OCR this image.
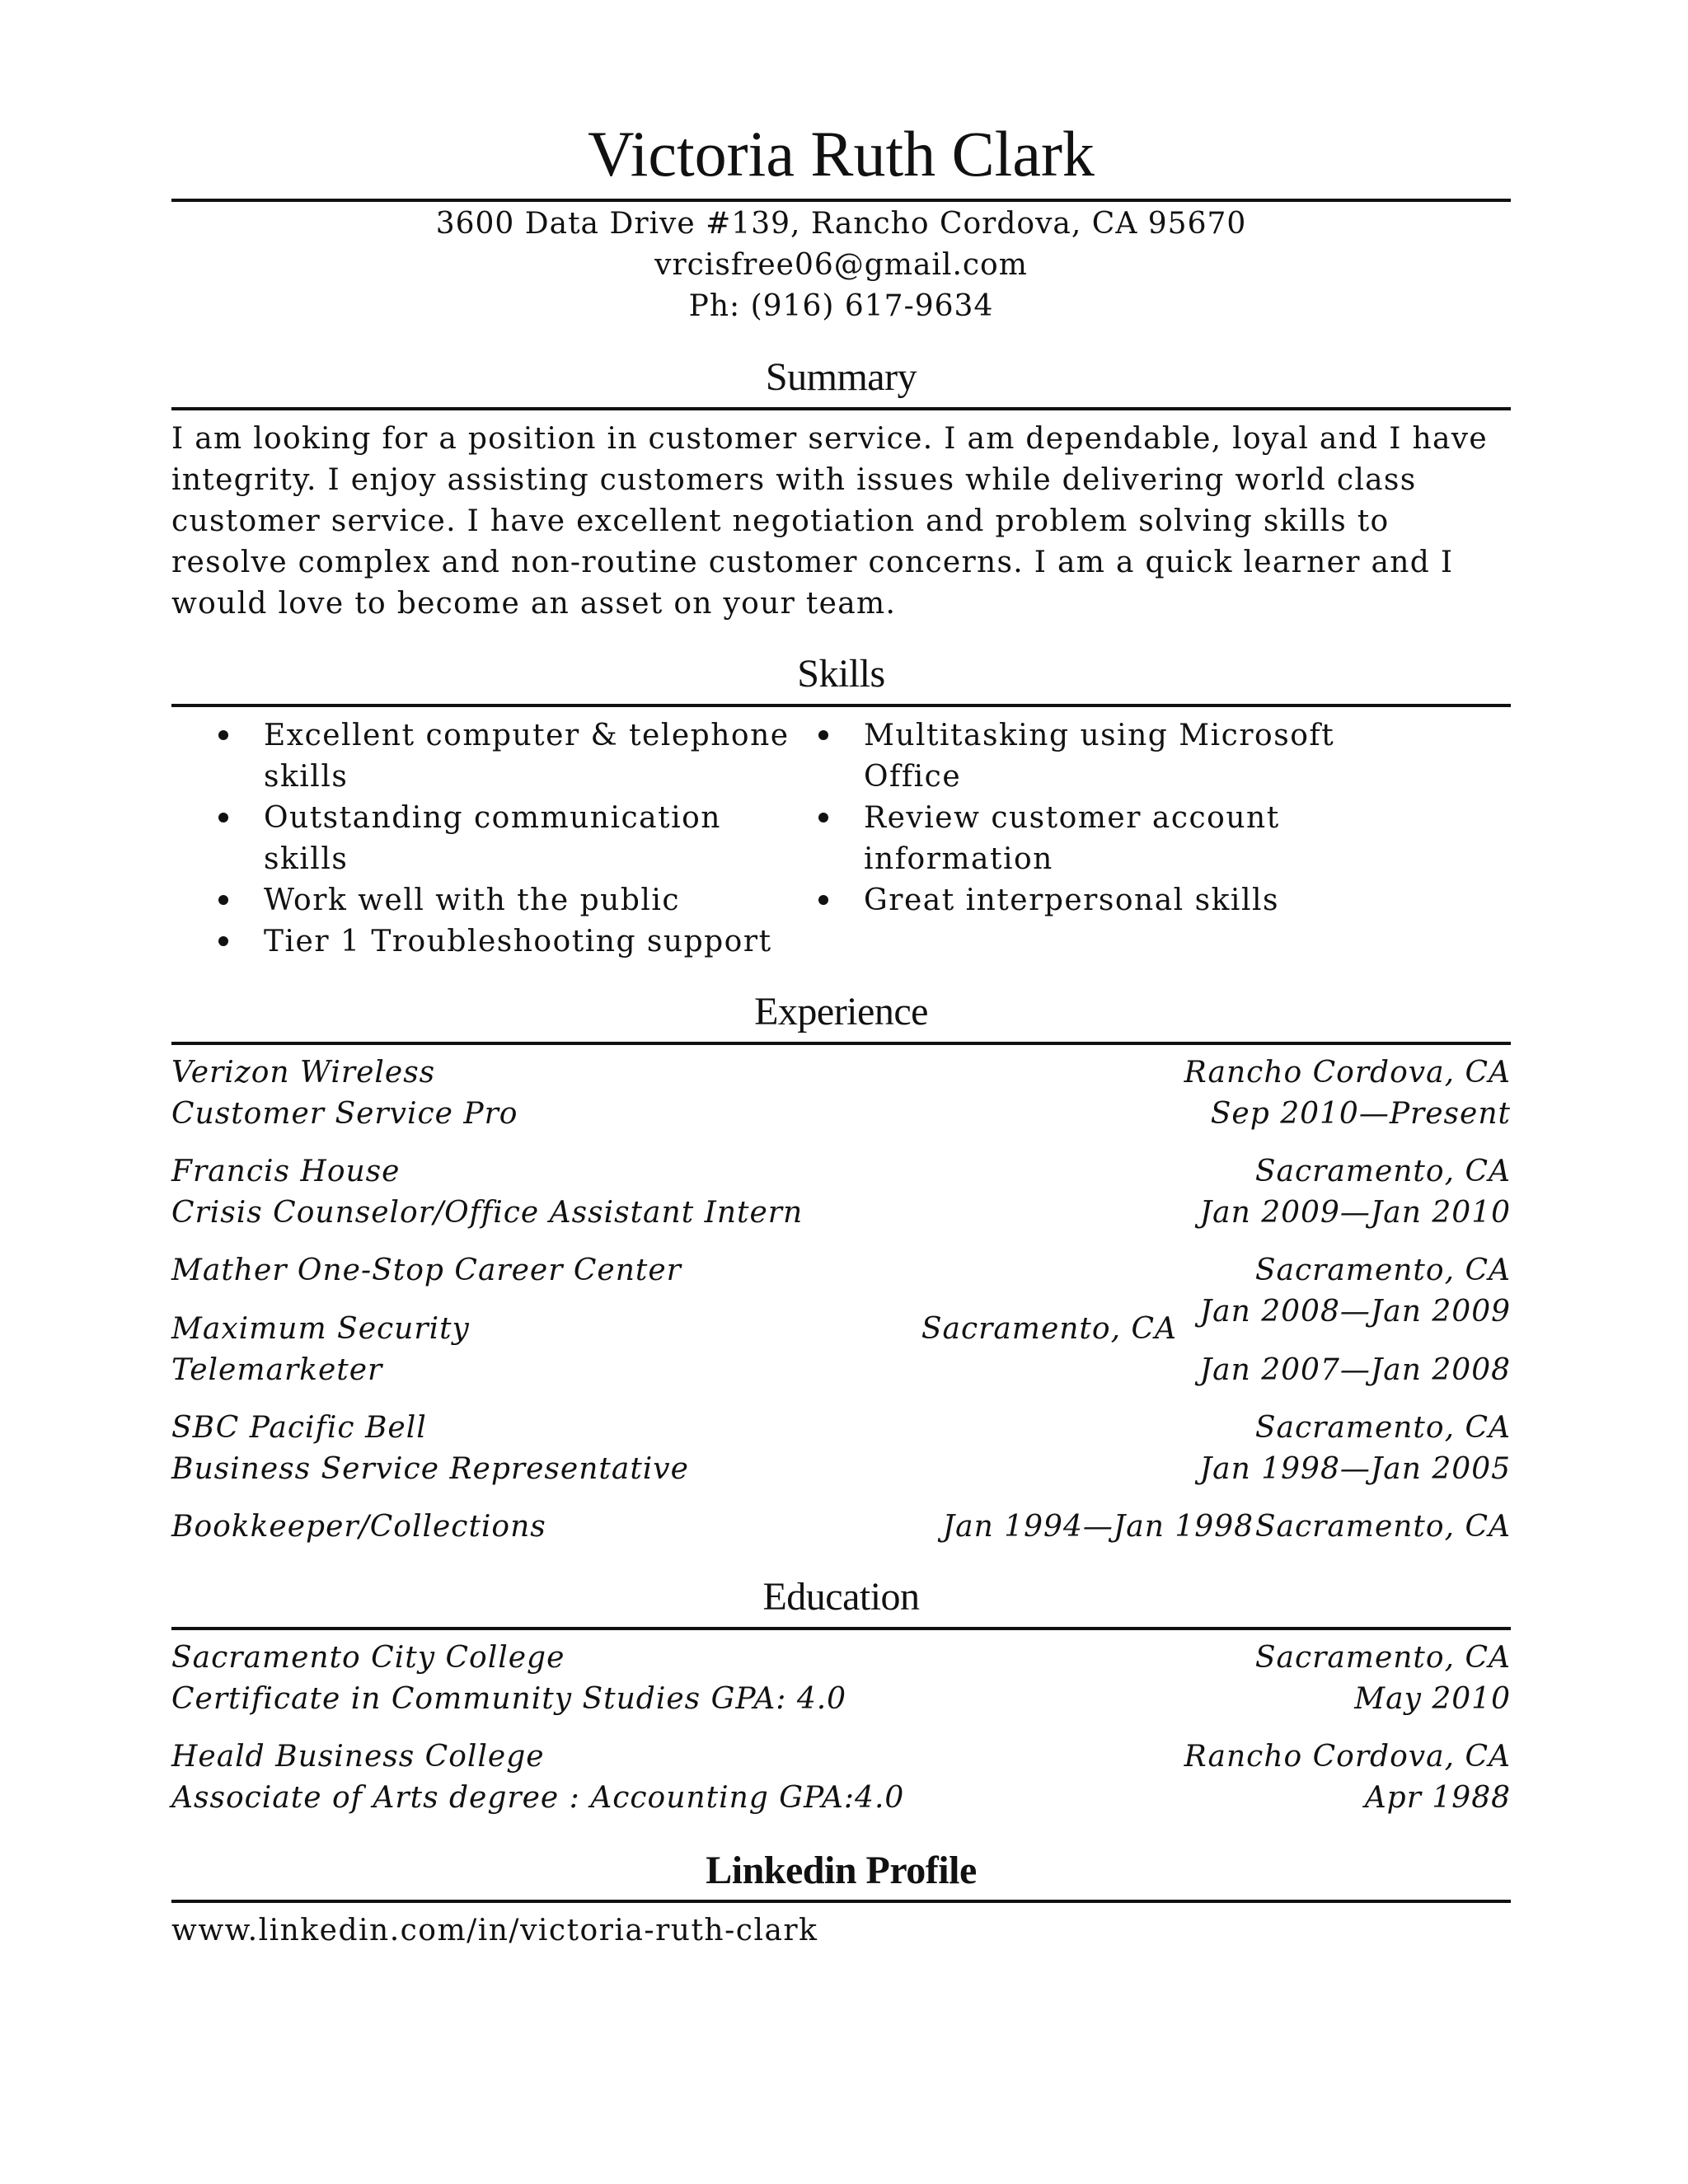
Victoria Ruth Clark
3600 Data Drive #139, Rancho Cordova, CA 95670
vrcisfree06@gmail.com
Ph: (916) 617-9634
Summary
I am looking for a position in customer service. I am dependable, loyal and I have
integrity. I enjoy assisting customers with issues while delivering world class
customer service. I have excellent negotiation and problem solving skills to
resolve complex and non-routine customer concerns. I am a quick learner and I
would love to become an asset on your team.
Skills
Excellent computer & telephone
skills
Outstanding communication
skills
Work well with the public
Tier 1 Troubleshooting support
Multitasking using Microsoft
Office
Review customer account
information
Great interpersonal skills
Experience
Verizon Wireless	Rancho Cordova, CA
Customer Service Pro	Sep 2010—Present
Francis House	Sacramento, CA
Crisis Counselor/Office Assistant Intern	Jan 2009—Jan 2010
Mather One-Stop Career Center	Sacramento, CA
Jan 2008—Jan 2009
Maximum Security	Sacramento, CA
Telemarketer	Jan 2007—Jan 2008
SBC Pacific Bell	Sacramento, CA
Business Service Representative	Jan 1998—Jan 2005
Bookkeeper/Collections	Sacramento, CA
Jan 1994—Jan 1998
Education
Sacramento City College	Sacramento, CA
Certificate in Community Studies GPA: 4.0	May 2010
Heald Business College	Rancho Cordova, CA
Associate of Arts degree : Accounting GPA:4.0	Apr 1988
Linkedin Profile
www.linkedin.com/in/victoria-ruth-clark
